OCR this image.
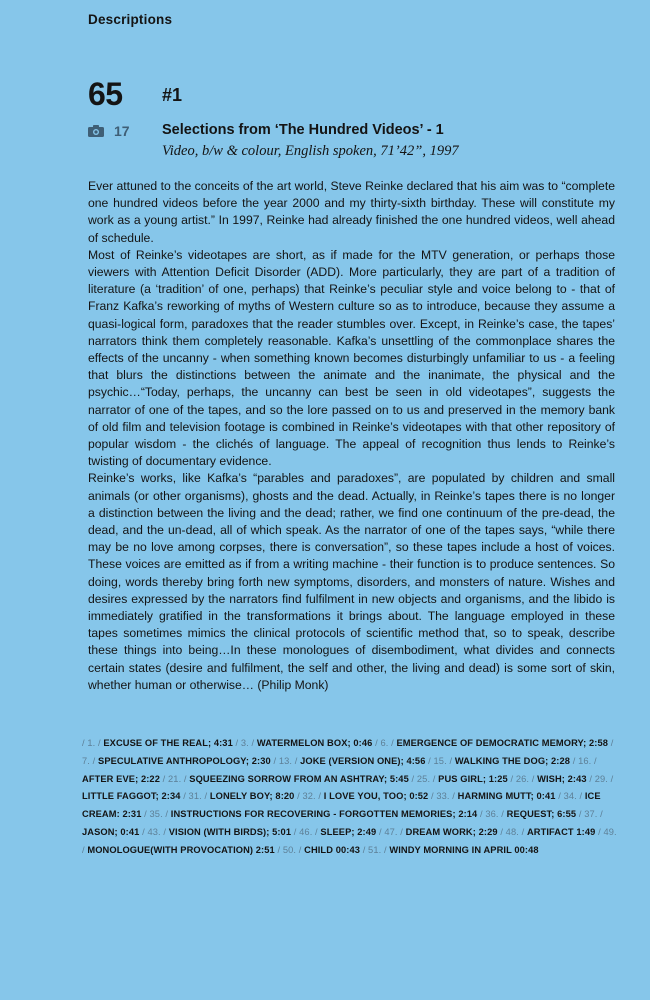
Descriptions
65 #1
17 Selections from ‘The Hundred Videos’ - 1
Video, b/w & colour, English spoken, 71’42”, 1997

Ever attuned to the conceits of the art world, Steve Reinke declared that his aim was to “complete one hundred videos before the year 2000 and my thirty-sixth birthday. These will constitute my work as a young artist.” In 1997, Reinke had already finished the one hundred videos, well ahead of schedule.

Most of Reinke’s videotapes are short, as if made for the MTV generation, or perhaps those viewers with Attention Deficit Disorder (ADD). More particularly, they are part of a tradition of literature (a ‘tradition’ of one, perhaps) that Reinke’s peculiar style and voice belong to - that of Franz Kafka’s reworking of myths of Western culture so as to introduce, because they assume a quasi-logical form, paradoxes that the reader stumbles over. Except, in Reinke’s case, the tapes’ narrators think them completely reasonable. Kafka’s unsettling of the commonplace shares the effects of the uncanny - when something known becomes disturbingly unfamiliar to us - a feeling that blurs the distinctions between the animate and the inanimate, the physical and the psychic…“Today, perhaps, the uncanny can best be seen in old videotapes”, suggests the narrator of one of the tapes, and so the lore passed on to us and preserved in the memory bank of old film and television footage is combined in Reinke’s videotapes with that other repository of popular wisdom - the clichés of language. The appeal of recognition thus lends to Reinke’s twisting of documentary evidence.

Reinke’s works, like Kafka’s “parables and paradoxes”, are populated by children and small animals (or other organisms), ghosts and the dead. Actually, in Reinke’s tapes there is no longer a distinction between the living and the dead; rather, we find one continuum of the pre-dead, the dead, and the un-dead, all of which speak. As the narrator of one of the tapes says, “while there may be no love among corpses, there is conversation”, so these tapes include a host of voices. These voices are emitted as if from a writing machine - their function is to produce sentences. So doing, words thereby bring forth new symptoms, disorders, and monsters of nature. Wishes and desires expressed by the narrators find fulfilment in new objects and organisms, and the libido is immediately gratified in the transformations it brings about. The language employed in these tapes sometimes mimics the clinical protocols of scientific method that, so to speak, describe these things into being…In these monologues of disembodiment, what divides and connects certain states (desire and fulfilment, the self and other, the living and dead) is some sort of skin, whether human or otherwise… (Philip Monk)

/ 1. / EXCUSE OF THE REAL; 4:31 / 3. / WATERMELON BOX; 0:46 / 6. / EMERGENCE OF DEMOCRATIC MEMORY; 2:58 / 7. / SPECULATIVE ANTHROPOLOGY; 2:30 / 13. / JOKE (VERSION ONE); 4:56 / 15. / WALKING THE DOG; 2:28 / 16. / AFTER EVE; 2:22 / 21. / SQUEEZING SORROW FROM AN ASHTRAY; 5:45 / 25. / PUS GIRL; 1:25 / 26. / WISH; 2:43 / 29. / LITTLE FAGGOT; 2:34 / 31. / LONELY BOY; 8:20 / 32. / I LOVE YOU, TOO; 0:52 / 33. / HARMING MUTT; 0:41 / 34. / ICE CREAM: 2:31 / 35. / INSTRUCTIONS FOR RECOVERING - FORGOTTEN MEMORIES; 2:14 / 36. / REQUEST; 6:55 / 37. / JASON; 0:41 / 43. / VISION (WITH BIRDS); 5:01 / 46. / SLEEP; 2:49 / 47. / DREAM WORK; 2:29 / 48. / ARTIFACT 1:49 / 49. / MONOLOGUE(WITH PROVOCATION) 2:51 / 50. / CHILD 00:43 / 51. / WINDY MORNING IN APRIL 00:48
